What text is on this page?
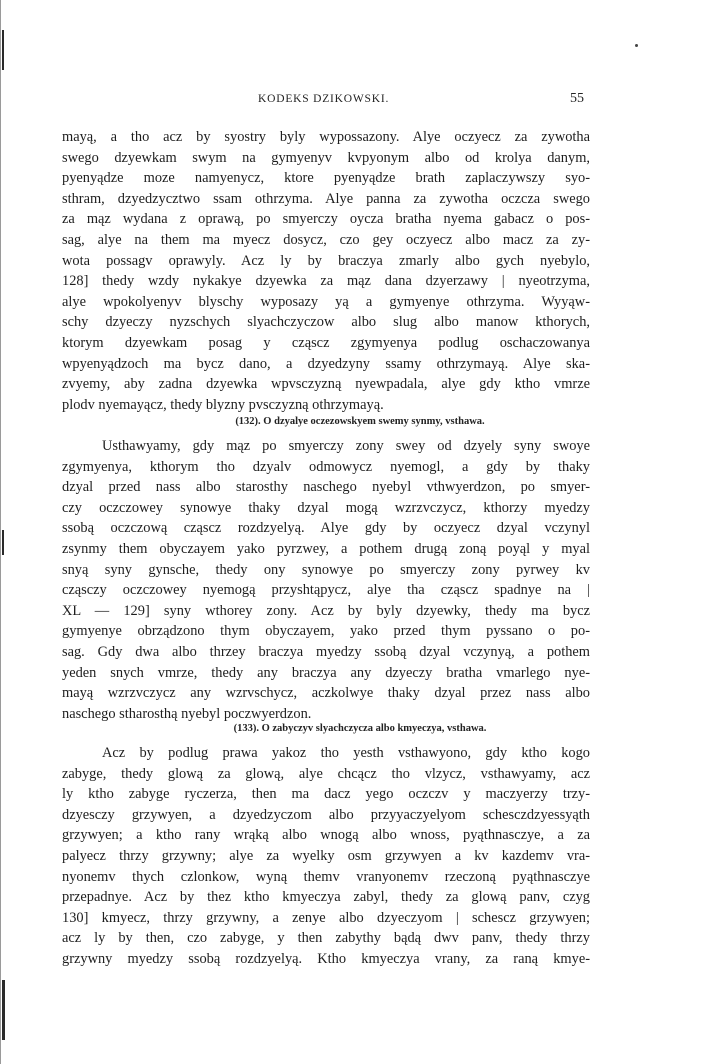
KODEKS DZIKOWSKI.	55
mayą, a tho acz by syostry byly wypossazony. Alye oczyecz za zywotha
swego dzyewkam swym na gymyenyv kvpyonym albo od krolya danym,
pyenyądze moze namyenycz, ktore pyenyądze brath zaplaczywszy syo-
sthram, dzyedzycztwo ssam othrzyma. Alye panna za zywotha oczcza swego
za mąz wydana z oprawą, po smyerczy oycza bratha nyema gabacz o pos-
sag, alye na them ma myecz dosycz, czo gey oczyecz albo macz za zy-
wota possagv oprawyly. Acz ly by braczya zmarly albo gych nyebylo,
128] thedy wzdy nykakye dzyewka za mąz dana dzyerzawy | nyeotrzyma,
alye wpokolyenyv blyschy wyposazy yą a gymyenye othrzyma. Wyyąw-
schy dzyeczy nyzschych slyachczyczow albo slug albo manow kthorych,
ktorym dzyewkam posag y cząscz zgymyenya podlug oschaczowanya
wpyenyądzoch ma bycz dano, a dzyedzyny ssamy othrzymayą. Alye ska-
zvyemy, aby zadna dzyewka wpvsczyzną nyewpadala, alye gdy ktho vmrze
plodv nyemayącz, thedy blyzny pvsczyzną othrzymayą.
(132). O dzyalye oczezowskyem swemy synmy, vsthawa.
Usthawyamy, gdy mąz po smyerczy zony swey od dzyely syny swoye
zgymyenya, kthorym tho dzyalv odmowycz nyemogl, a gdy by thaky
dzyal przed nass albo starosthy naschego nyebyl vthwyerdzon, po smyer-
czy oczczowey synowye thaky dzyal mogą wzrzvczycz, kthorzy myedzy
ssobą oczczową cząscz rozdzyelyą. Alye gdy by oczyecz dzyal vczynyl
zsynmy them obyczayem yako pyrzwey, a pothem drugą zoną poyąl y myal
snyą syny gynsche, thedy ony synowye po smyerczy zony pyrwey kv
cząsczy oczczowey nyemogą przyshtąpycz, alye tha cząscz spadnye na |
XL — 129] syny wthorey zony. Acz by byly dzyewky, thedy ma bycz
gymyenye obrządzono thym obyczayem, yako przed thym pyssano o po-
sag. Gdy dwa albo thrzey braczya myedzy ssobą dzyal vczynyą, a pothem
yeden snych vmrze, thedy any braczya any dzyeczy bratha vmarlego nye-
mayą wzrzvczycz any wzrvschycz, aczkolwye thaky dzyal przez nass albo
naschego stharosthą nyebyl poczwyerdzon.
(133). O zabyczyv slyachczycza albo kmyeczya, vsthawa.
Acz by podlug prawa yakoz tho yesth vsthawyono, gdy ktho kogo
zabyge, thedy glową za glową, alye chcącz tho vlzycz, vsthawyamy, acz
ly ktho zabyge ryczerza, then ma dacz yego oczczv y maczyerzy trzy-
dzyesczy grzywyen, a dzyedzyczom albo przyyaczyelyom schesczdzyessyąth
grzywyen; a ktho rany wrąką albo wnogą albo wnoss, pyąthnasczye, a za
palyecz thrzy grzywny; alye za wyelky osm grzywyen a kv kazdemv vra-
nyonemv thych czlonkow, wyną themv vranyonemv rzeczoną pyąthnasczye
przepadnye. Acz by thez ktho kmyeczya zabyl, thedy za glową panv, czyg
130] kmyecz, thrzy grzywny, a zenye albo dzyeczyom | schescz grzywyen;
acz ly by then, czo zabyge, y then zabythy bądą dwv panv, thedy thrzy
grzywny myedzy ssobą rozdzyelyą. Ktho kmyeczya vrany, za raną kmye-
